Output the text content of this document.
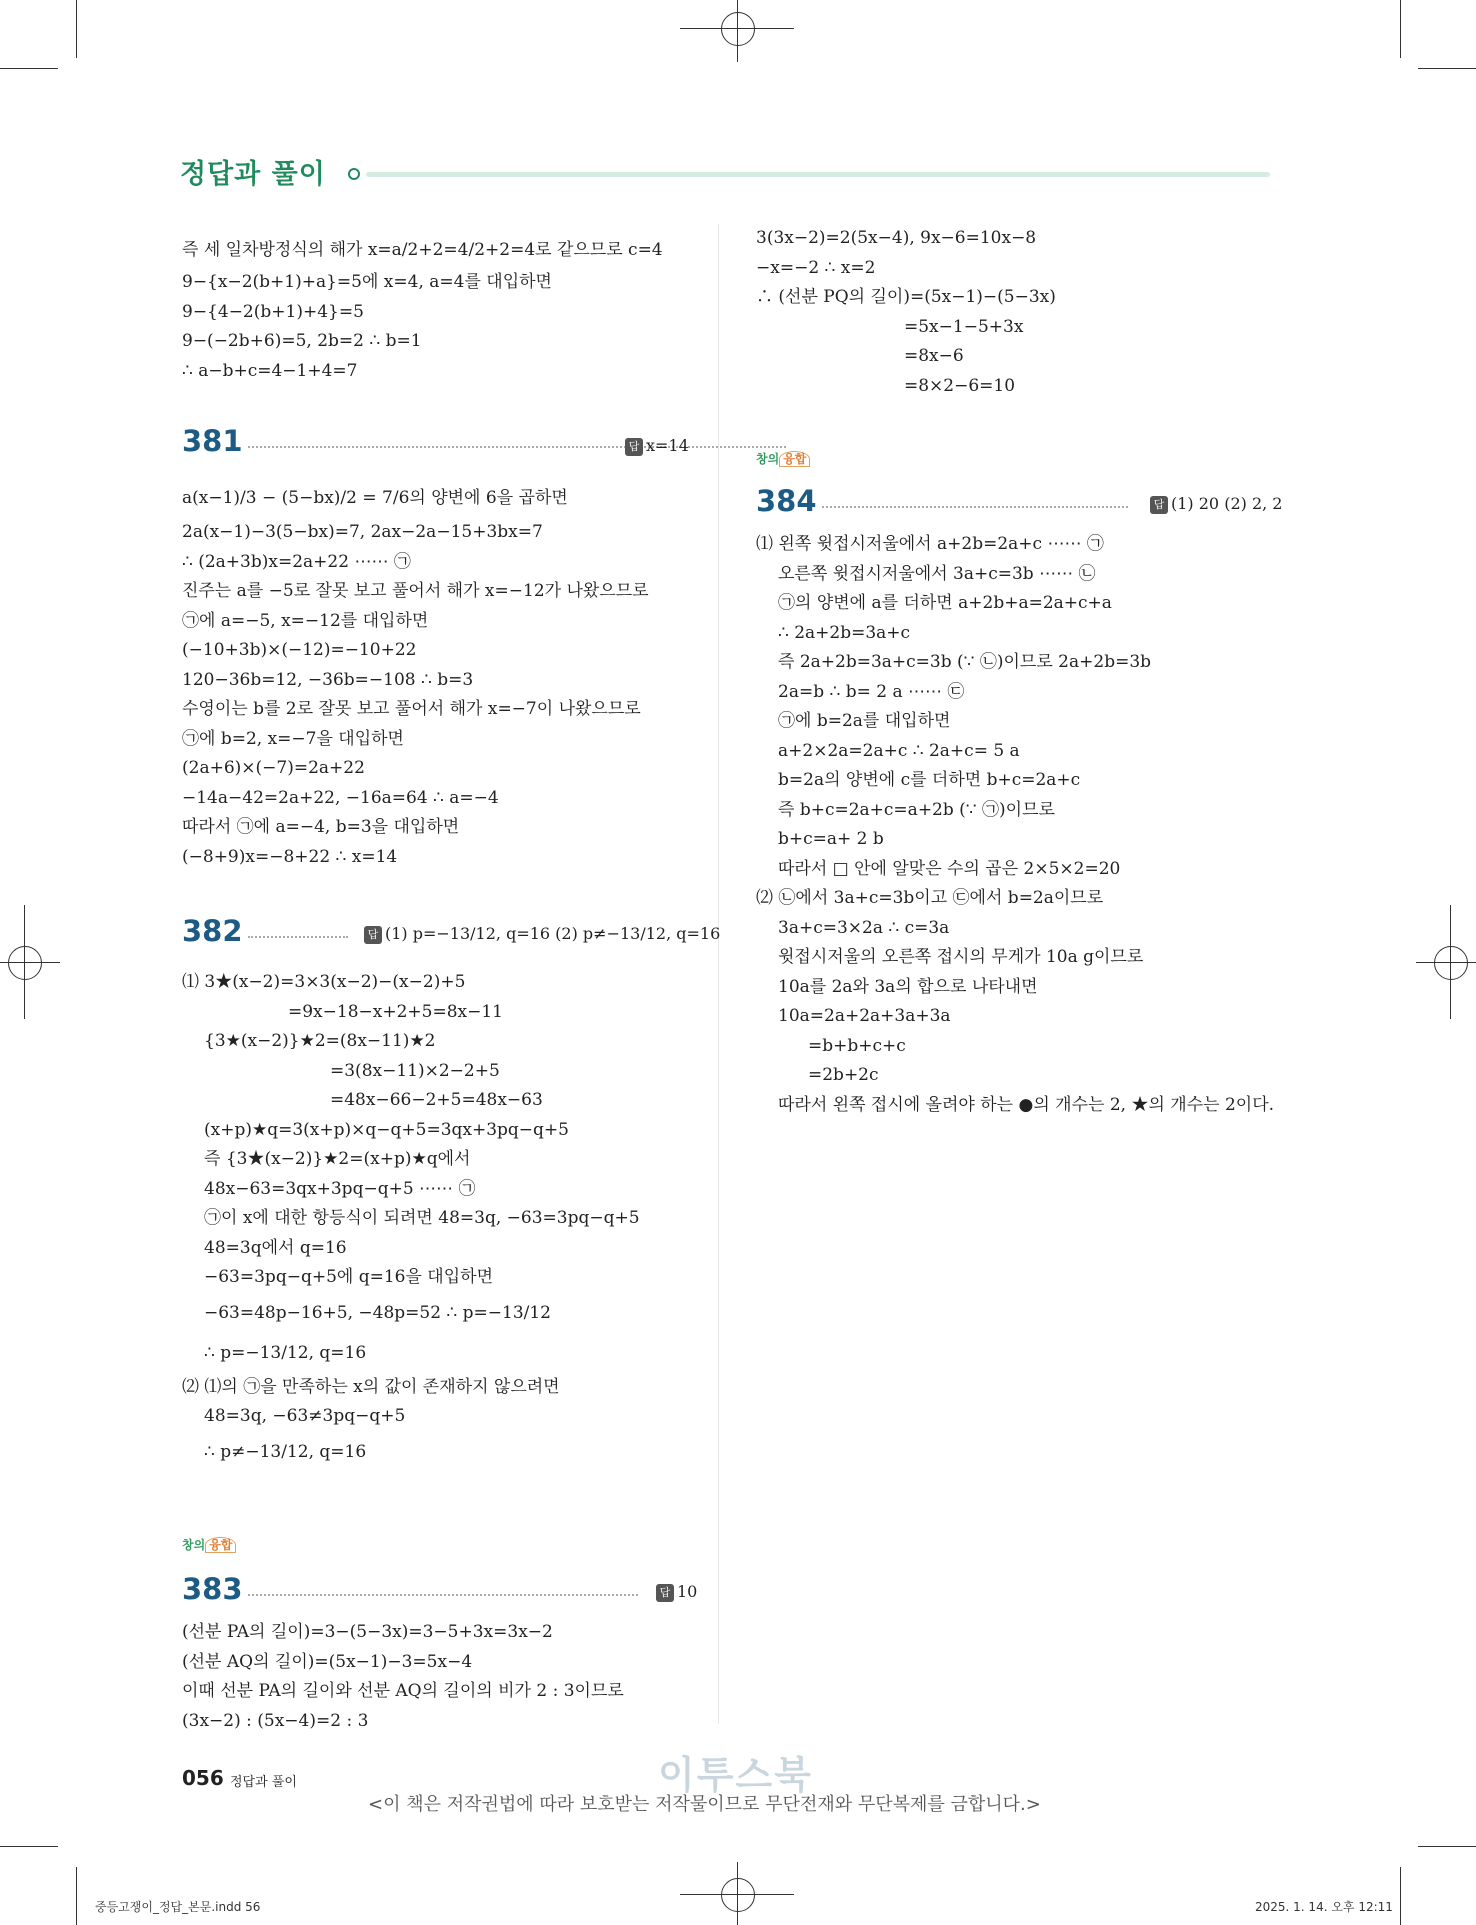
정답과 풀이
즉 세 일차방정식의 해가 x=a/2+2=4/2+2=4로 같으므로 c=4
9−{x−2(b+1)+a}=5에 x=4, a=4를 대입하면
9−{4−2(b+1)+4}=5
9−(−2b+6)=5, 2b=2 ∴ b=1
∴ a−b+c=4−1+4=7
381	답 x=14
a(x−1)/3 − (5−bx)/2 = 7/6의 양변에 6을 곱하면
2a(x−1)−3(5−bx)=7, 2ax−2a−15+3bx=7
∴ (2a+3b)x=2a+22 ⋯⋯ ㉠
진주는 a를 −5로 잘못 보고 풀어서 해가 x=−12가 나왔으므로
㉠에 a=−5, x=−12를 대입하면
(−10+3b)×(−12)=−10+22
120−36b=12, −36b=−108 ∴ b=3
수영이는 b를 2로 잘못 보고 풀어서 해가 x=−7이 나왔으므로
㉠에 b=2, x=−7을 대입하면
(2a+6)×(−7)=2a+22
−14a−42=2a+22, −16a=64 ∴ a=−4
따라서 ㉠에 a=−4, b=3을 대입하면
(−8+9)x=−8+22 ∴ x=14
382	답 (1) p=−13/12, q=16 (2) p≠−13/12, q=16
⑴ 3★(x−2)=3×3(x−2)−(x−2)+5
=9x−18−x+2+5=8x−11
{3★(x−2)}★2=(8x−11)★2
=3(8x−11)×2−2+5
=48x−66−2+5=48x−63
(x+p)★q=3(x+p)×q−q+5=3qx+3pq−q+5
즉 {3★(x−2)}★2=(x+p)★q에서
48x−63=3qx+3pq−q+5 ⋯⋯ ㉠
㉠이 x에 대한 항등식이 되려면 48=3q, −63=3pq−q+5
48=3q에서 q=16
−63=3pq−q+5에 q=16을 대입하면
−63=48p−16+5, −48p=52 ∴ p=−13/12
∴ p=−13/12, q=16
⑵ ⑴의 ㉠을 만족하는 x의 값이 존재하지 않으려면
48=3q, −63≠3pq−q+5
∴ p≠−13/12, q=16
창의 융합
383	답 10
(선분 PA의 길이)=3−(5−3x)=3−5+3x=3x−2
(선분 AQ의 길이)=(5x−1)−3=5x−4
이때 선분 PA의 길이와 선분 AQ의 길이의 비가 2 : 3이므로
(3x−2) : (5x−4)=2 : 3
3(3x−2)=2(5x−4), 9x−6=10x−8
−x=−2 ∴ x=2
∴ (선분 PQ의 길이)=(5x−1)−(5−3x)
=5x−1−5+3x
=8x−6
=8×2−6=10
창의 융합
384	답 (1) 20 (2) 2, 2
⑴ 왼쪽 윗접시저울에서 a+2b=2a+c ⋯⋯ ㉠
오른쪽 윗접시저울에서 3a+c=3b ⋯⋯ ㉡
㉠의 양변에 a를 더하면 a+2b+a=2a+c+a
∴ 2a+2b=3a+c
즉 2a+2b=3a+c=3b (∵ ㉡)이므로 2a+2b=3b
2a=b ∴ b= 2 a ⋯⋯ ㉢
㉠에 b=2a를 대입하면
a+2×2a=2a+c ∴ 2a+c= 5 a
b=2a의 양변에 c를 더하면 b+c=2a+c
즉 b+c=2a+c=a+2b (∵ ㉠)이므로
b+c=a+ 2 b
따라서 □ 안에 알맞은 수의 곱은 2×5×2=20
⑵ ㉡에서 3a+c=3b이고 ㉢에서 b=2a이므로
3a+c=3×2a ∴ c=3a
윗접시저울의 오른쪽 접시의 무게가 10a g이므로
10a를 2a와 3a의 합으로 나타내면
10a=2a+2a+3a+3a
=b+b+c+c
=2b+2c
따라서 왼쪽 접시에 올려야 하는 ●의 개수는 2, ★의 개수는 2이다.
056 정답과 풀이	이투스북
<이 책은 저작권법에 따라 보호받는 저작물이므로 무단전재와 무단복제를 금합니다.>
중등고쟁이_정답_본문.indd 56	2025. 1. 14. 오후 12:11
